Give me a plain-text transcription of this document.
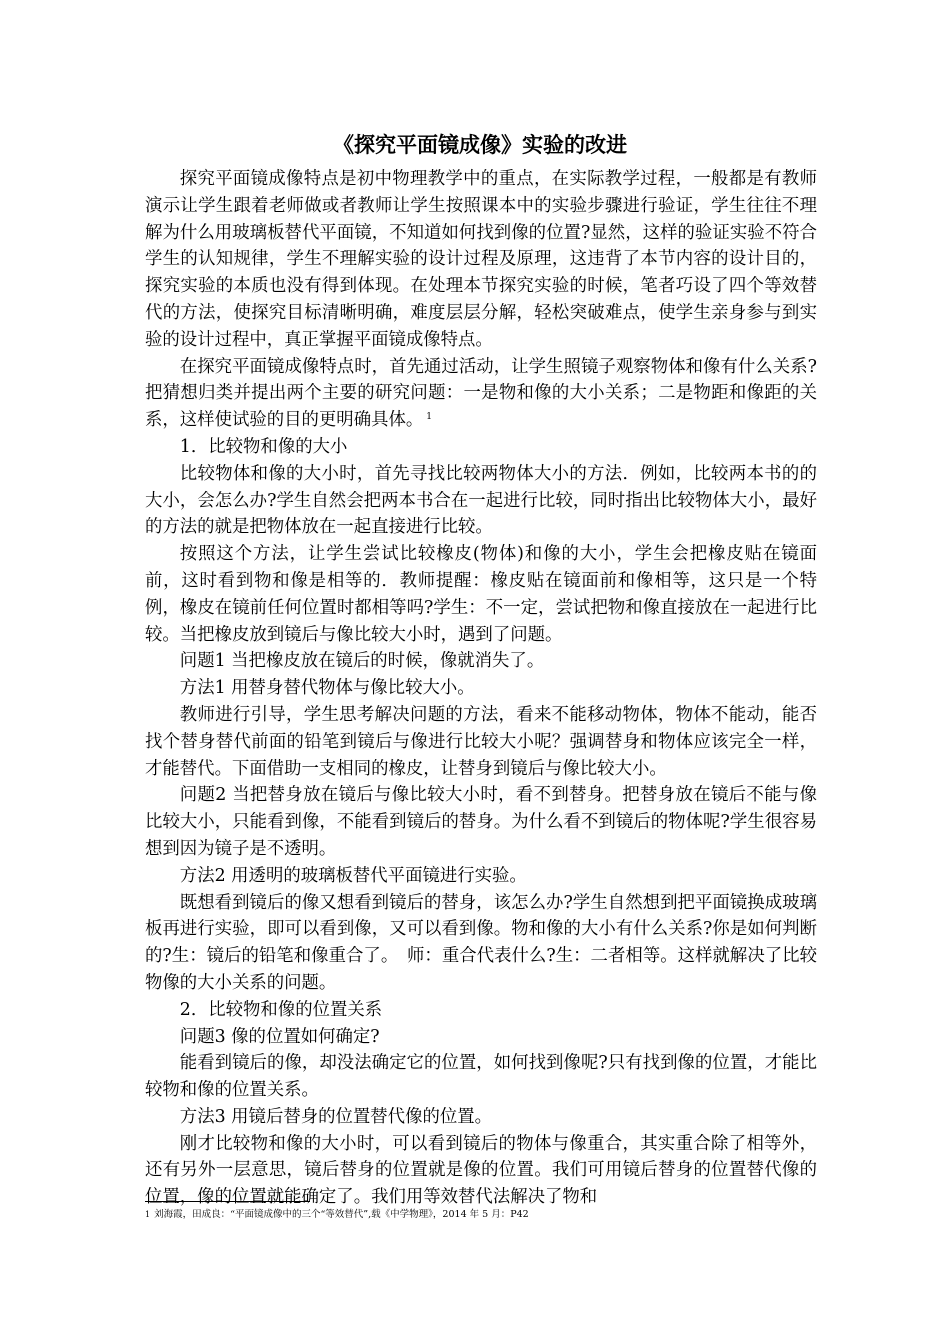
《探究平面镜成像》实验的改进

探究平面镜成像特点是初中物理教学中的重点，在实际教学过程，一般都是有教师演示让学生跟着老师做或者教师让学生按照课本中的实验步骤进行验证，学生往往不理解为什么用玻璃板替代平面镜，不知道如何找到像的位置?显然，这样的验证实验不符合学生的认知规律，学生不理解实验的设计过程及原理，这违背了本节内容的设计目的，探究实验的本质也没有得到体现。在处理本节探究实验的时候，笔者巧设了四个等效替代的方法，使探究目标清晰明确，难度层层分解，轻松突破难点，使学生亲身参与到实验的设计过程中，真正掌握平面镜成像特点。

在探究平面镜成像特点时，首先通过活动，让学生照镜子观察物体和像有什么关系?把猜想归类并提出两个主要的研究问题：一是物和像的大小关系；二是物距和像距的关系，这样使试验的目的更明确具体。 $^1$

1．比较物和像的大小

比较物体和像的大小时，首先寻找比较两物体大小的方法．例如，比较两本书的的大小，会怎么办?学生自然会把两本书合在一起进行比较，同时指出比较物体大小，最好的方法的就是把物体放在一起直接进行比较。

按照这个方法，让学生尝试比较橡皮(物体)和像的大小，学生会把橡皮贴在镜面前，这时看到物和像是相等的．教师提醒：橡皮贴在镜面前和像相等，这只是一个特例，橡皮在镜前任何位置时都相等吗?学生：不一定，尝试把物和像直接放在一起进行比较。当把橡皮放到镜后与像比较大小时，遇到了问题。

问题1 当把橡皮放在镜后的时候，像就消失了。

方法1 用替身替代物体与像比较大小。

教师进行引导，学生思考解决问题的方法，看来不能移动物体，物体不能动，能否找个替身替代前面的铅笔到镜后与像进行比较大小呢？强调替身和物体应该完全一样，才能替代。下面借助一支相同的橡皮，让替身到镜后与像比较大小。

问题2 当把替身放在镜后与像比较大小时，看不到替身。把替身放在镜后不能与像比较大小，只能看到像，不能看到镜后的替身。为什么看不到镜后的物体呢?学生很容易想到因为镜子是不透明。

方法2 用透明的玻璃板替代平面镜进行实验。

既想看到镜后的像又想看到镜后的替身，该怎么办?学生自然想到把平面镜换成玻璃板再进行实验，即可以看到像，又可以看到像。物和像的大小有什么关系?你是如何判断的?生：镜后的铅笔和像重合了。　师：重合代表什么?生：二者相等。这样就解决了比较物像的大小关系的问题。

2．比较物和像的位置关系

问题3 像的位置如何确定?

能看到镜后的像，却没法确定它的位置，如何找到像呢?只有找到像的位置，才能比较物和像的位置关系。

方法3 用镜后替身的位置替代像的位置。

刚才比较物和像的大小时，可以看到镜后的物体与像重合，其实重合除了相等外，还有另外一层意思，镜后替身的位置就是像的位置。我们可用镜后替身的位置替代像的位置，像的位置就能确定了。我们用等效替代法解决了物和

1 刘海霞，田成良：“平面镜成像中的三个“等效替代”,载《中学物理》，2014 年 5 月：P42
